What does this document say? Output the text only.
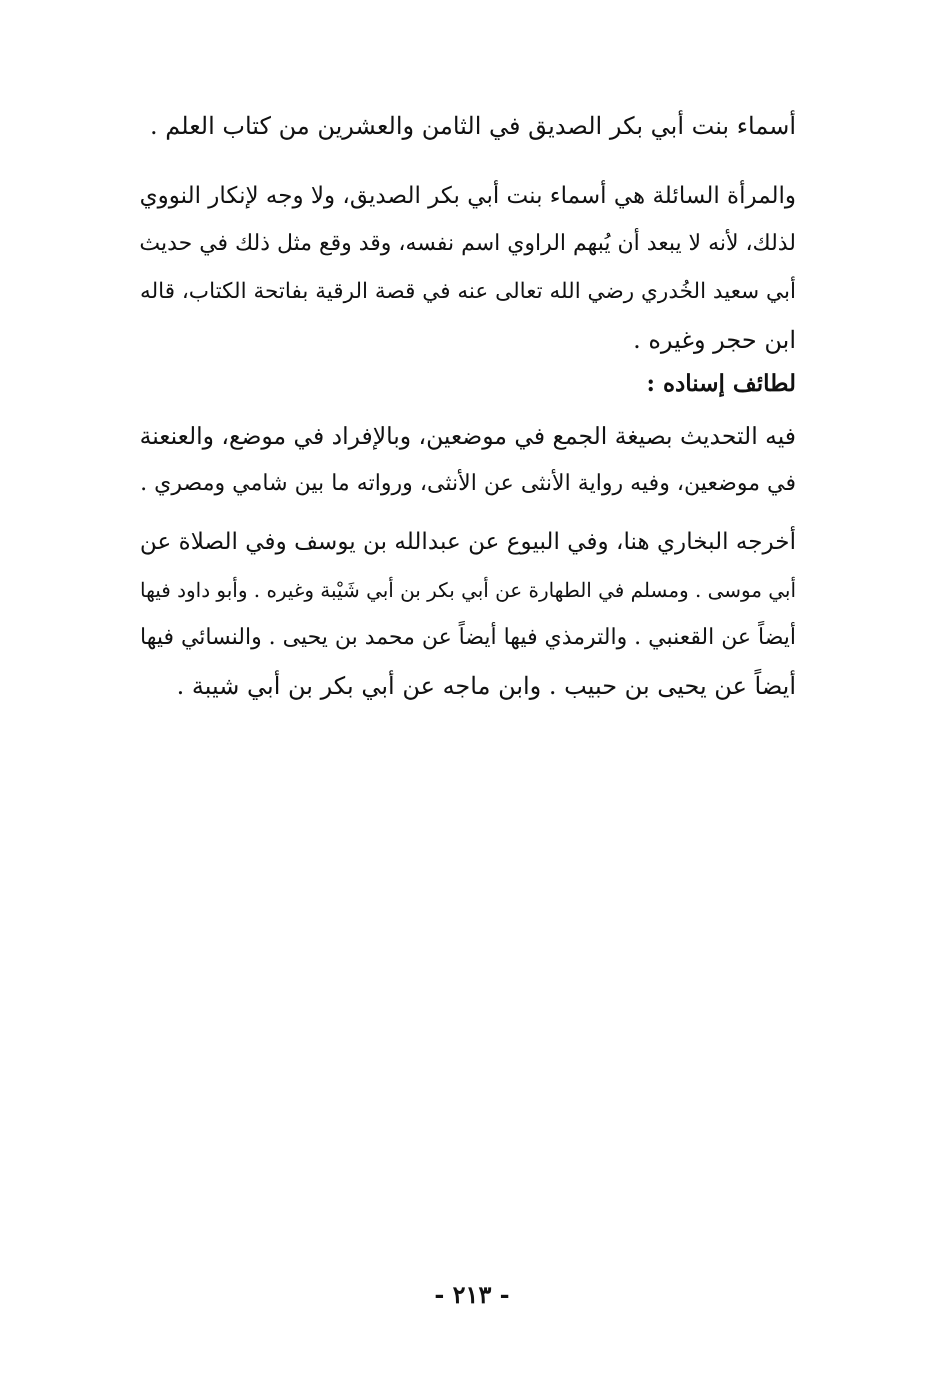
أسماء بنت أبي بكر الصديق في الثامن والعشرين من كتاب العلم .
والمرأة السائلة هي أسماء بنت أبي بكر الصديق، ولا وجه لإنكار النووي
لذلك، لأنه لا يبعد أن يُبهم الراوي اسم نفسه، وقد وقع مثل ذلك في حديث
أبي سعيد الخُدري رضي الله تعالى عنه في قصة الرقية بفاتحة الكتاب، قاله
ابن حجر وغيره .
لطائف إسناده :
فيه التحديث بصيغة الجمع في موضعين، وبالإفراد في موضع، والعنعنة
في موضعين، وفيه رواية الأنثى عن الأنثى، ورواته ما بين شامي ومصري .
أخرجه البخاري هنا، وفي البيوع عن عبدالله بن يوسف وفي الصلاة عن
أبي موسى . ومسلم في الطهارة عن أبي بكر بن أبي شَيْبة وغيره . وأبو داود فيها
أيضاً عن القعنبي . والترمذي فيها أيضاً عن محمد بن يحيى . والنسائي فيها
أيضاً عن يحيى بن حبيب . وابن ماجه عن أبي بكر بن أبي شيبة .
- ٢١٣ -
